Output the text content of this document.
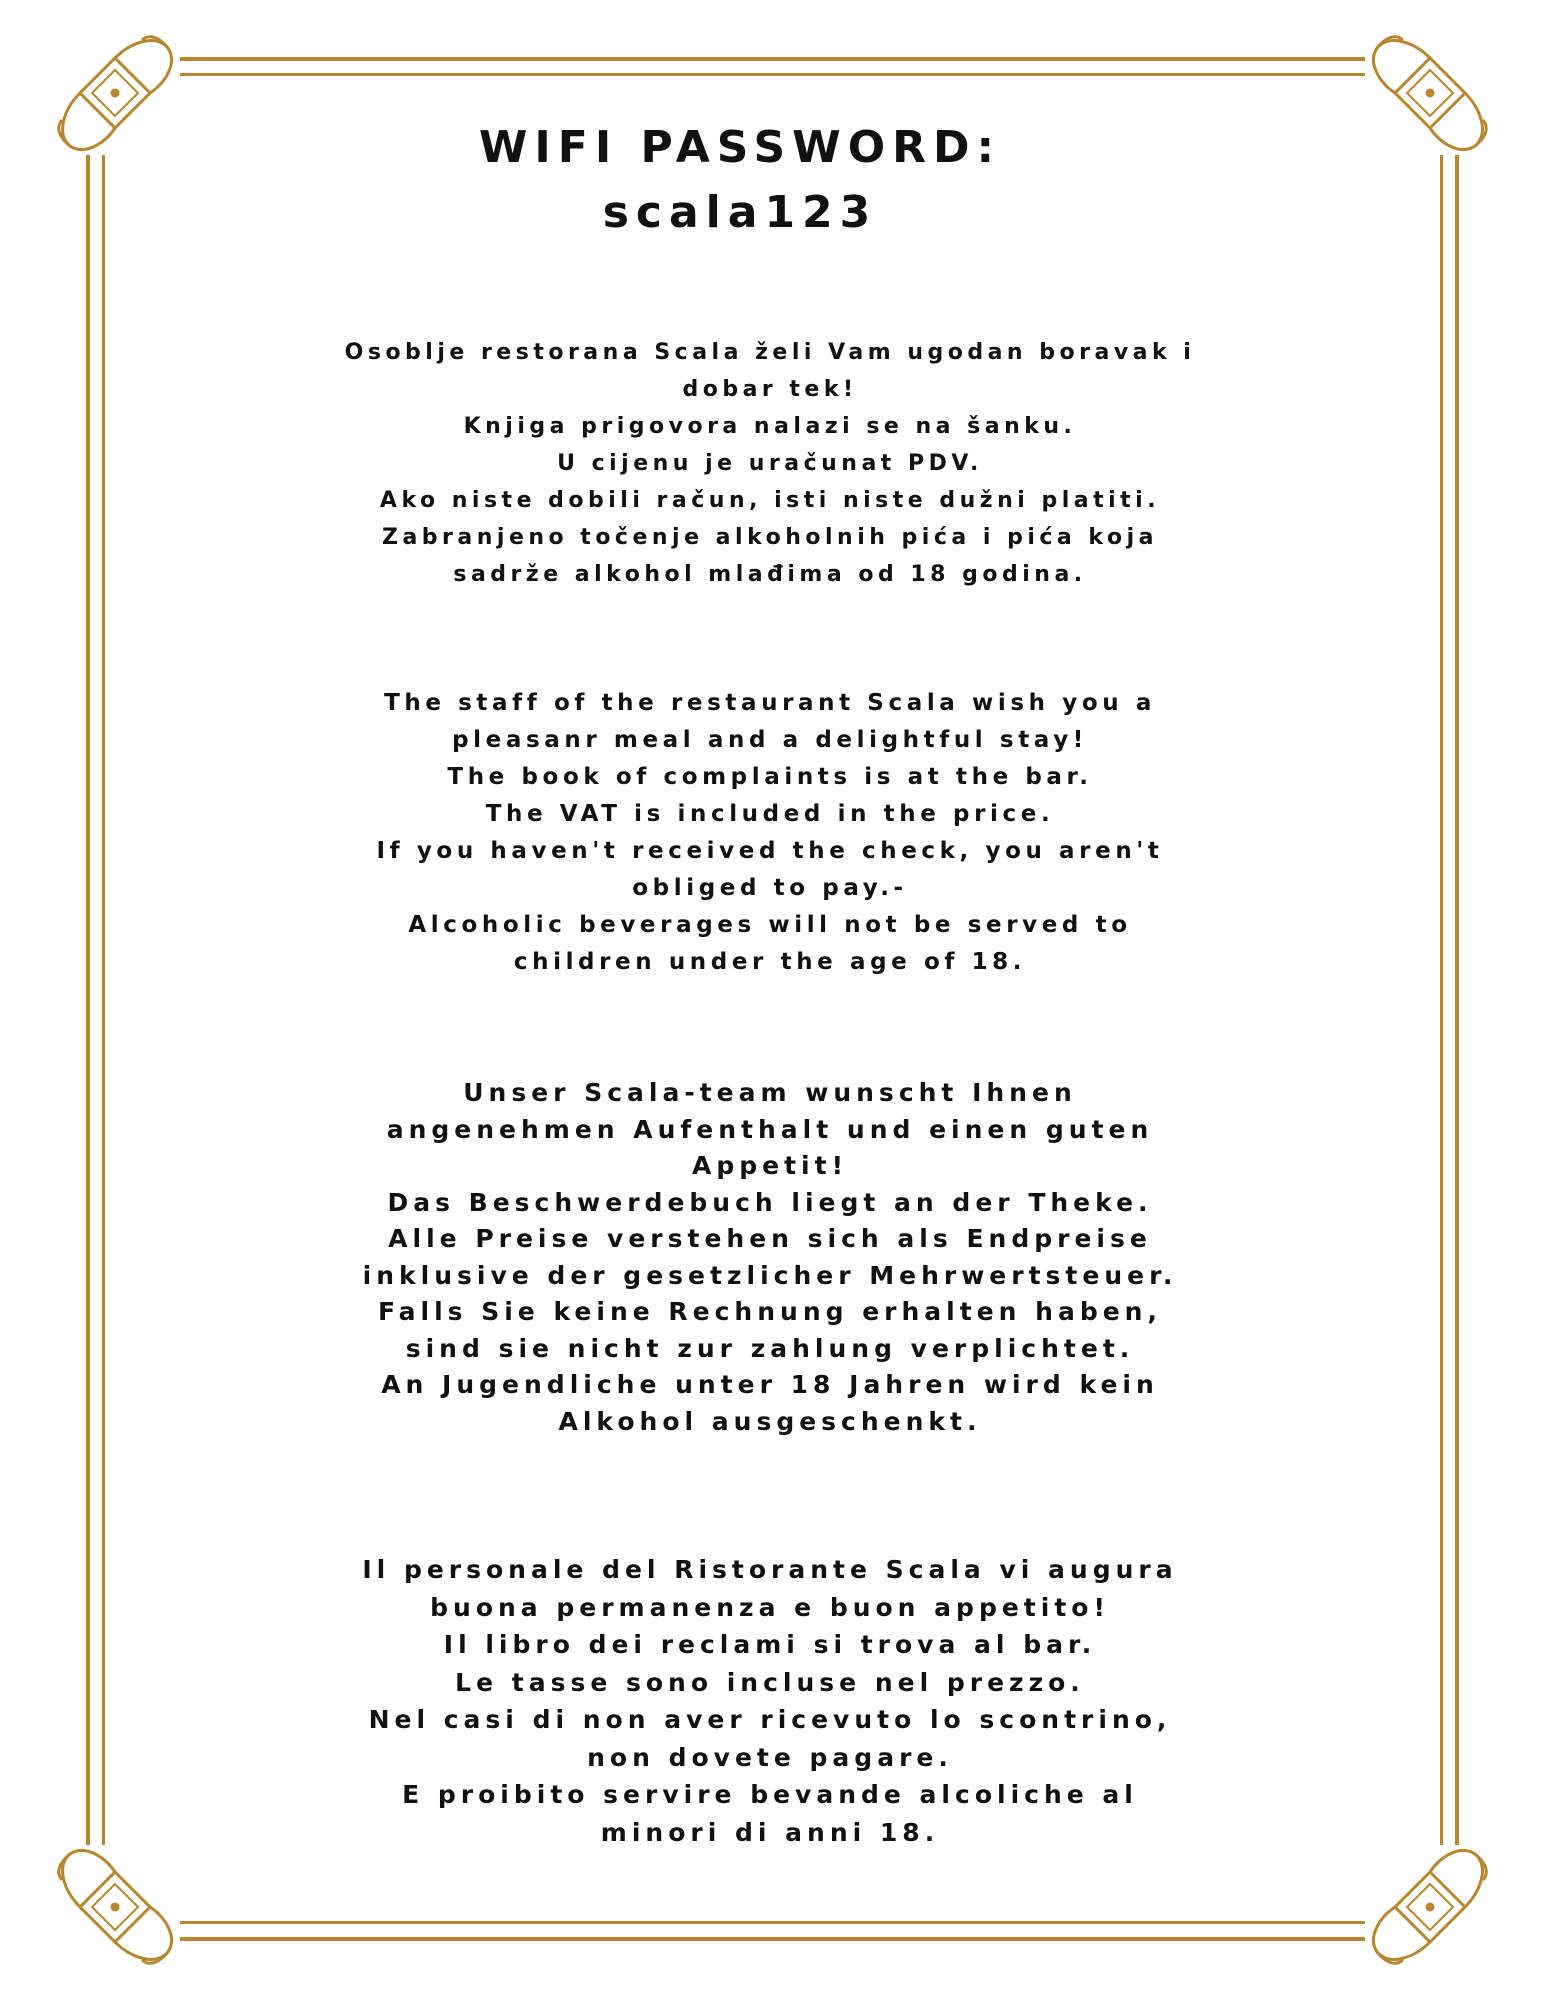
WIFI PASSWORD:
scala123
Osoblje restorana Scala želi Vam ugodan boravak i
dobar tek!
Knjiga prigovora nalazi se na šanku.
U cijenu je uračunat PDV.
Ako niste dobili račun, isti niste dužni platiti.
Zabranjeno točenje alkoholnih pića i pića koja
sadrže alkohol mlađima od 18 godina.
The staff of the restaurant Scala wish you a
pleasanr meal and a delightful stay!
The book of complaints is at the bar.
The VAT is included in the price.
If you haven't received the check, you aren't
obliged to pay.-
Alcoholic beverages will not be served to
children under the age of 18.
Unser Scala-team wunscht Ihnen
angenehmen Aufenthalt und einen guten
Appetit!
Das Beschwerdebuch liegt an der Theke.
Alle Preise verstehen sich als Endpreise
inklusive der gesetzlicher Mehrwertsteuer.
Falls Sie keine Rechnung erhalten haben,
sind sie nicht zur zahlung verplichtet.
An Jugendliche unter 18 Jahren wird kein
Alkohol ausgeschenkt.
Il personale del Ristorante Scala vi augura
buona permanenza e buon appetito!
Il libro dei reclami si trova al bar.
Le tasse sono incluse nel prezzo.
Nel casi di non aver ricevuto lo scontrino,
non dovete pagare.
E proibito servire bevande alcoliche al
minori di anni 18.
